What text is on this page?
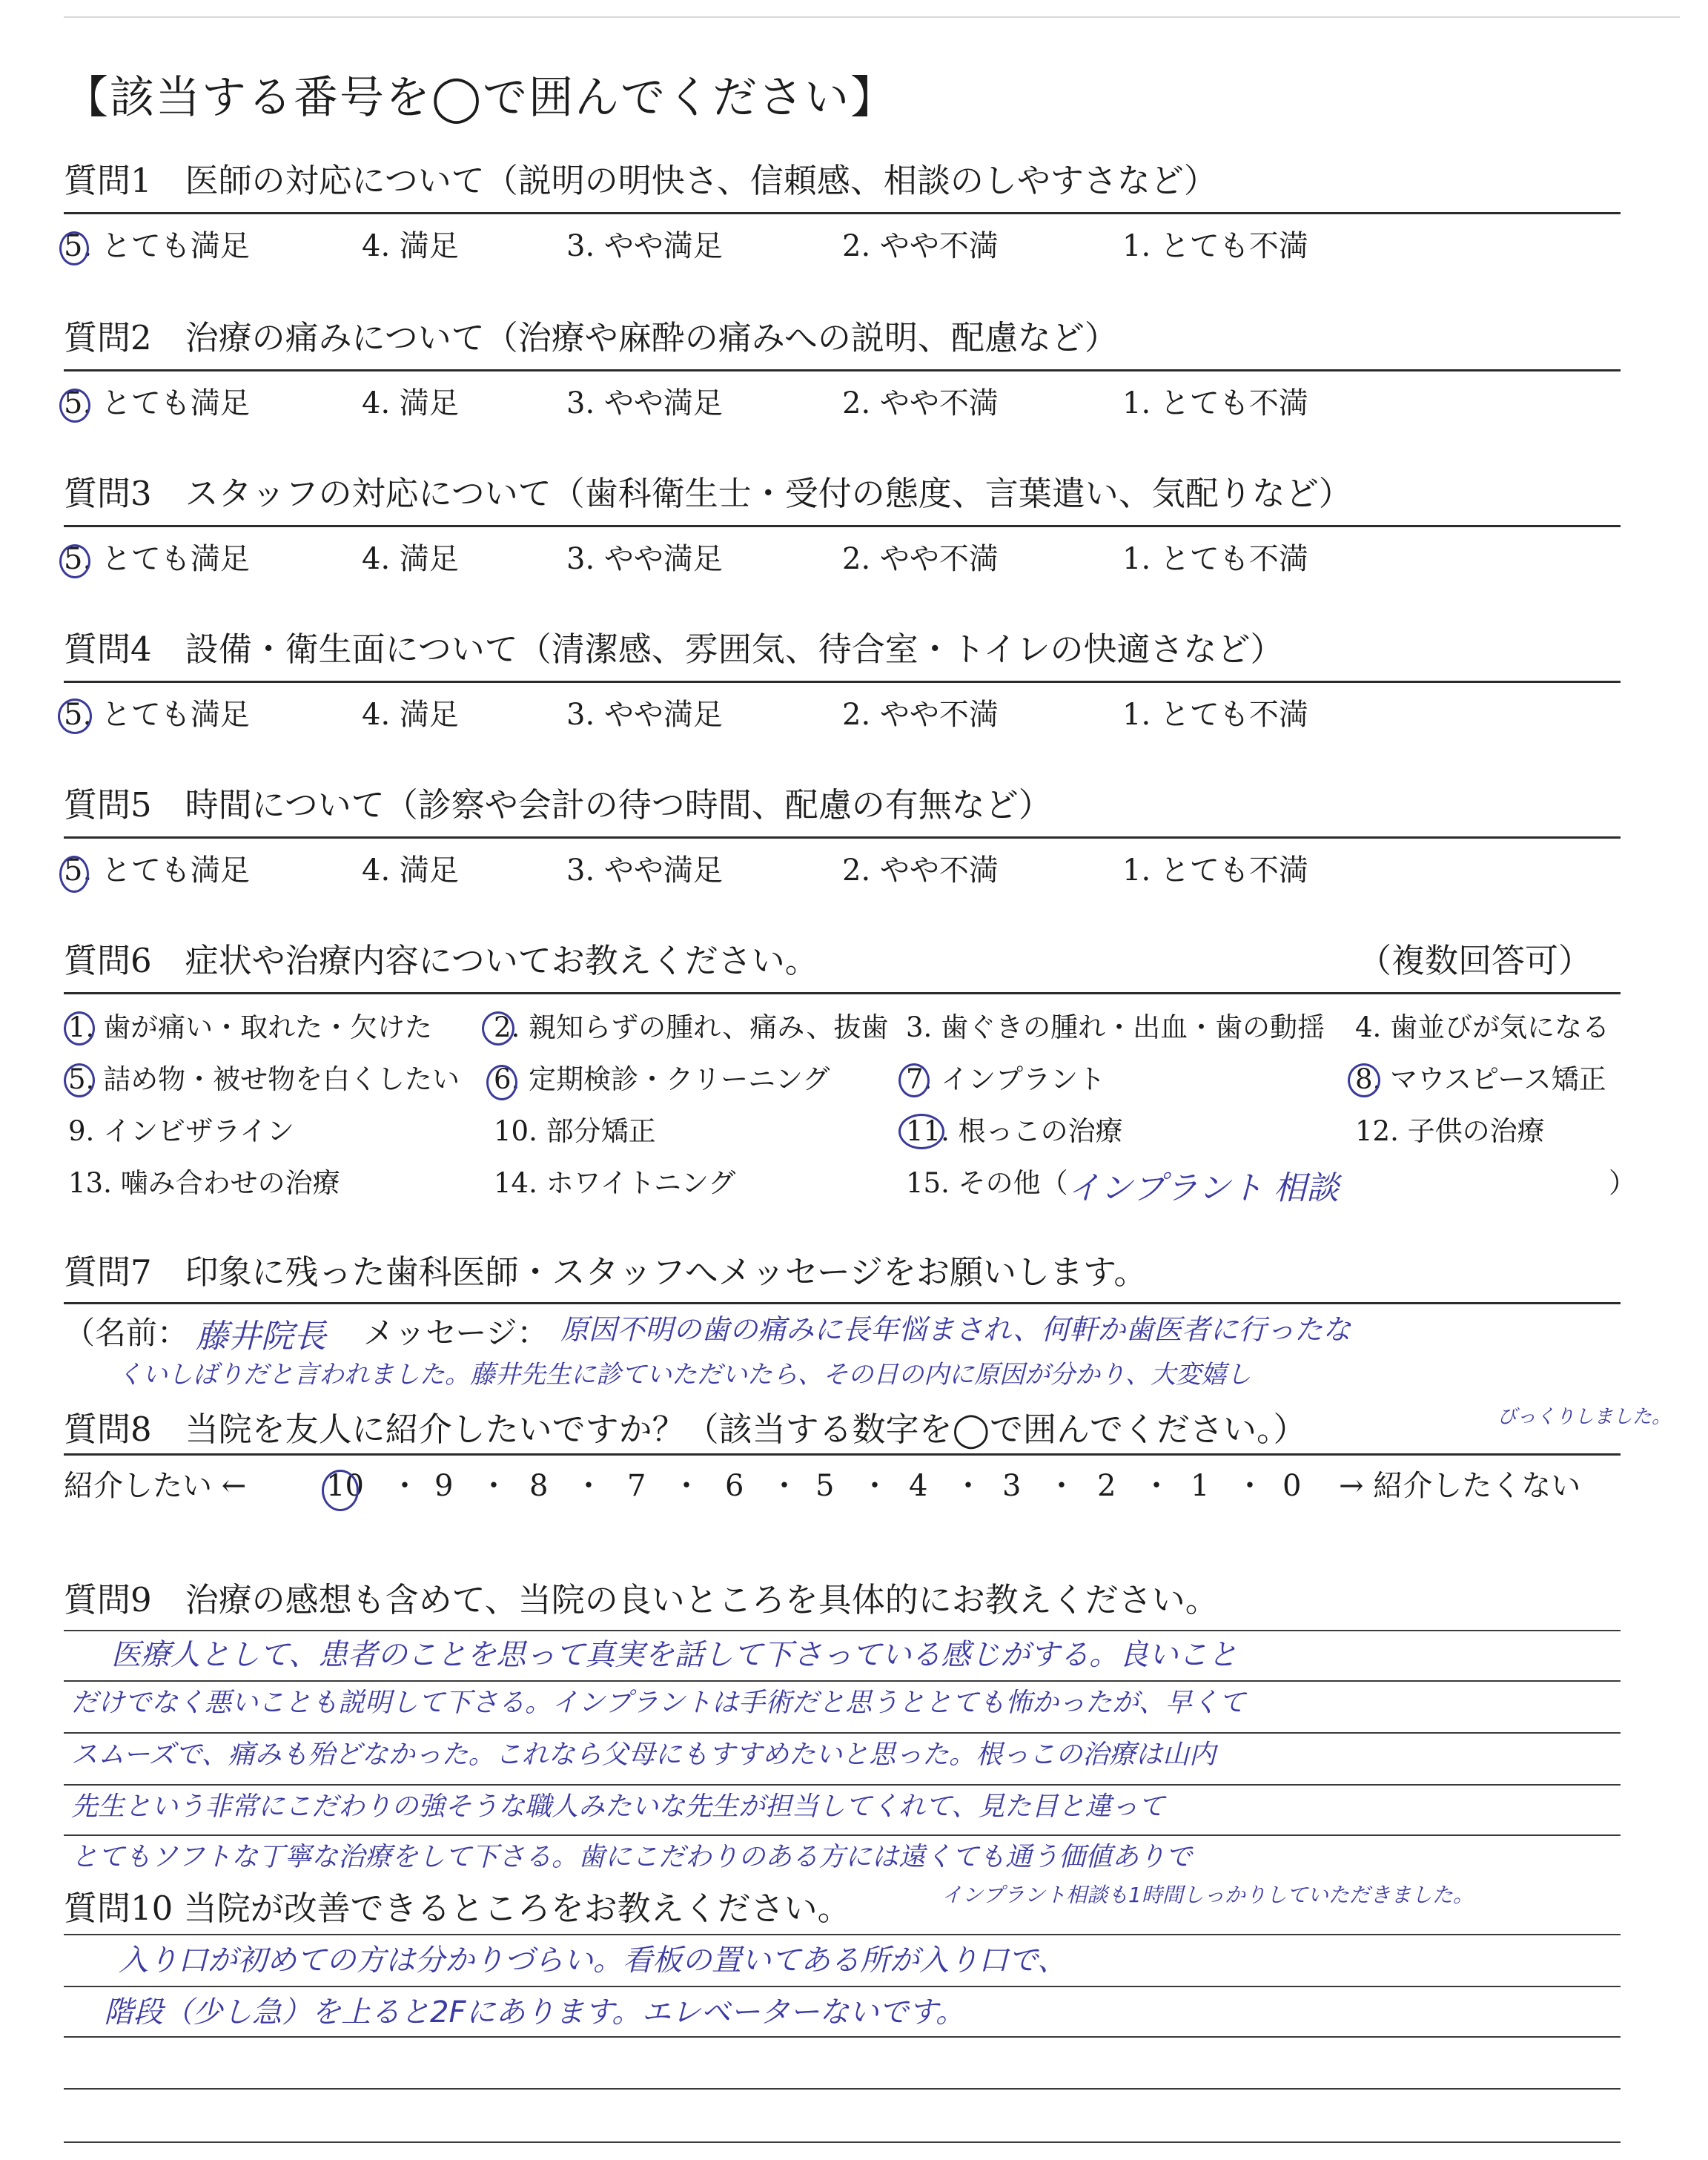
【該当する番号を◯で囲んでください】
質問1　医師の対応について（説明の明快さ、信頼感、相談のしやすさなど）
5. とても満足	4. 満足	3. やや満足	2. やや不満	1. とても不満
質問2　治療の痛みについて（治療や麻酔の痛みへの説明、配慮など）
5. とても満足	4. 満足	3. やや満足	2. やや不満	1. とても不満
質問3　スタッフの対応について（歯科衛生士・受付の態度、言葉遣い、気配りなど）
5. とても満足	4. 満足	3. やや満足	2. やや不満	1. とても不満
質問4　設備・衛生面について（清潔感、雰囲気、待合室・トイレの快適さなど）
5. とても満足	4. 満足	3. やや満足	2. やや不満	1. とても不満
質問5　時間について（診察や会計の待つ時間、配慮の有無など）
5. とても満足	4. 満足	3. やや満足	2. やや不満	1. とても不満
質問6　症状や治療内容についてお教えください。	（複数回答可）
1. 歯が痛い・取れた・欠けた 2. 親知らずの腫れ、痛み、抜歯 3. 歯ぐきの腫れ・出血・歯の動揺 4. 歯並びが気になる
5. 詰め物・被せ物を白くしたい 6. 定期検診・クリーニング	7. インプラント	8. マウスピース矯正
9. インビザライン	10. 部分矯正	11. 根っこの治療	12. 子供の治療
13. 噛み合わせの治療	14. ホワイトニング	15. その他（ インプラント 相談	）
質問7　印象に残った歯科医師・スタッフへメッセージをお願いします。
（名前： 藤井院長 メッセージ： 原因不明の歯の痛みに長年悩まされ、何軒か歯医者に行ったな
くいしばりだと言われました。藤井先生に診ていただいたら、その日の内に原因が分かり、大変嬉し
びっくりしました。
質問8　当院を友人に紹介したいですか？（該当する数字を◯で囲んでください。）
紹介したい ←	10 ・ 9 ・ 8 ・ 7 ・ 6 ・ 5 ・ 4 ・ 3 ・ 2 ・ 1 ・ 0 → 紹介したくない
質問9　治療の感想も含めて、当院の良いところを具体的にお教えください。
医療人として、患者のことを思って真実を話して下さっている感じがする。良いこと
だけでなく悪いことも説明して下さる。インプラントは手術だと思うととても怖かったが、早くて
スムーズで、痛みも殆どなかった。これなら父母にもすすめたいと思った。根っこの治療は山内
先生という非常にこだわりの強そうな職人みたいな先生が担当してくれて、見た目と違って
とてもソフトな丁寧な治療をして下さる。歯にこだわりのある方には遠くても通う価値ありで
インプラント相談も1時間しっかりしていただきました。
質問10 当院が改善できるところをお教えください。
入り口が初めての方は分かりづらい。看板の置いてある所が入り口で、
階段（少し急）を上ると2Fにあります。エレベーターないです。
